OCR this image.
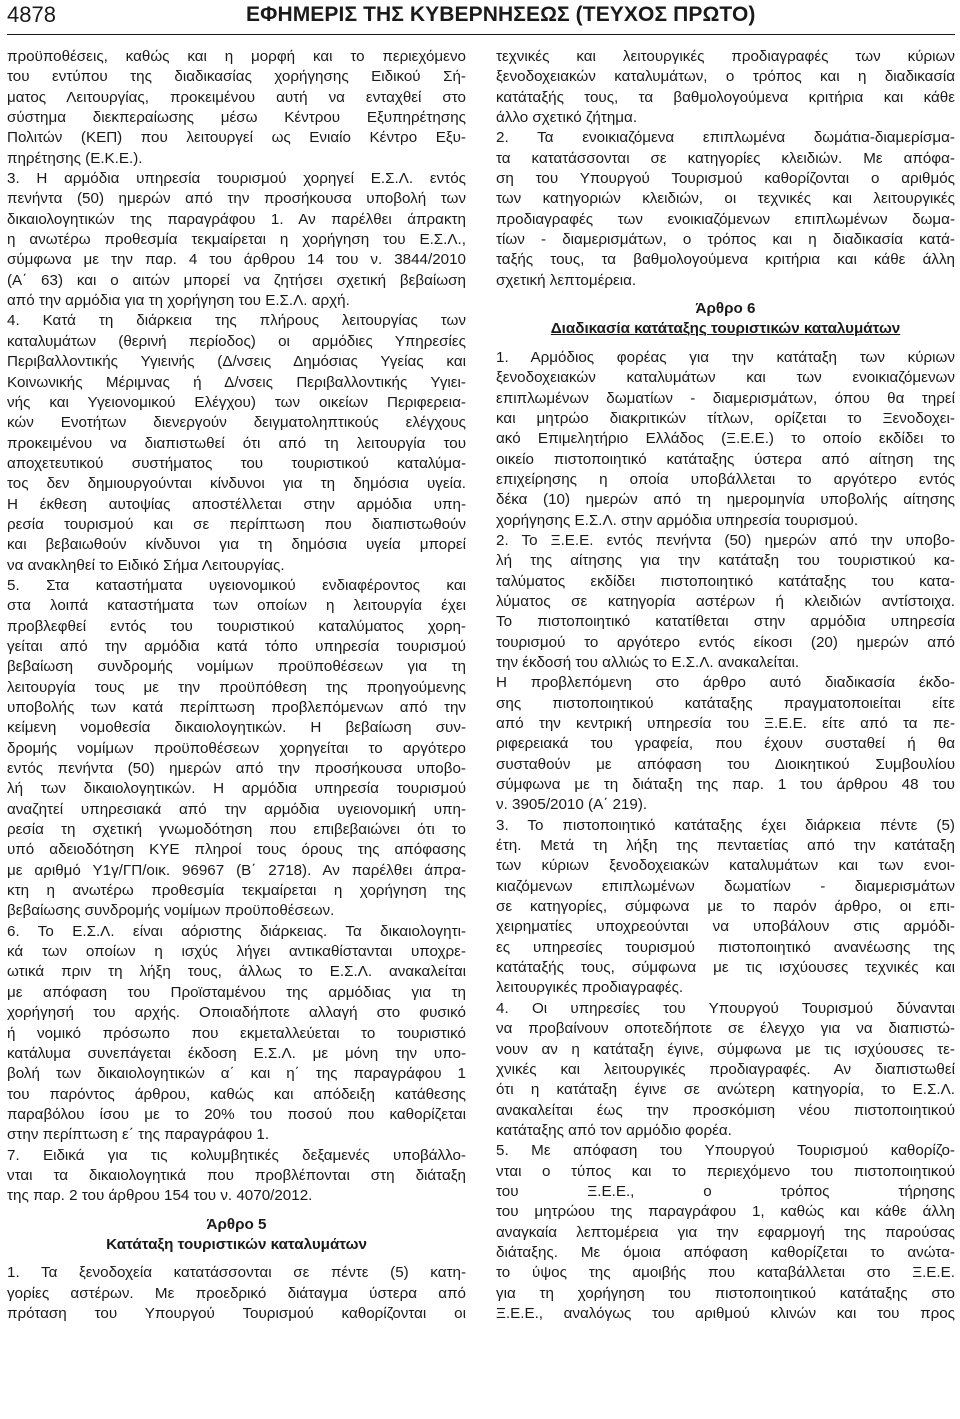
4878	ΕΦΗΜΕΡΙΣ ΤΗΣ ΚΥΒΕΡΝΗΣΕΩΣ (ΤΕΥΧΟΣ ΠΡΩΤΟ)
προϋποθέσεις, καθώς και η μορφή και το περιεχόμενο
του εντύπου της διαδικασίας χορήγησης Ειδικού Σή-
ματος Λειτουργίας, προκειμένου αυτή να ενταχθεί στο
σύστημα διεκπεραίωσης μέσω Κέντρου Εξυπηρέτησης
Πολιτών (ΚΕΠ) που λειτουργεί ως Ενιαίο Κέντρο Εξυ-
πηρέτησης (Ε.Κ.Ε.).
3. Η αρμόδια υπηρεσία τουρισμού χορηγεί Ε.Σ.Λ. εντός
πενήντα (50) ημερών από την προσήκουσα υποβολή των
δικαιολογητικών της παραγράφου 1. Αν παρέλθει άπρακτη
η ανωτέρω προθεσμία τεκμαίρεται η χορήγηση του Ε.Σ.Λ.,
σύμφωνα με την παρ. 4 του άρθρου 14 του ν. 3844/2010
(Α΄ 63) και ο αιτών μπορεί να ζητήσει σχετική βεβαίωση
από την αρμόδια για τη χορήγηση του Ε.Σ.Λ. αρχή.
4. Κατά τη διάρκεια της πλήρους λειτουργίας των
καταλυμάτων (θερινή περίοδος) οι αρμόδιες Υπηρεσίες
Περιβαλλοντικής Υγιεινής (Δ/νσεις Δημόσιας Υγείας και
Κοινωνικής Μέριμνας ή Δ/νσεις Περιβαλλοντικής Υγιει-
νής και Υγειονομικού Ελέγχου) των οικείων Περιφερεια-
κών Ενοτήτων διενεργούν δειγματοληπτικούς ελέγχους
προκειμένου να διαπιστωθεί ότι από τη λειτουργία του
αποχετευτικού συστήματος του τουριστικού καταλύμα-
τος δεν δημιουργούνται κίνδυνοι για τη δημόσια υγεία.
Η έκθεση αυτοψίας αποστέλλεται στην αρμόδια υπη-
ρεσία τουρισμού και σε περίπτωση που διαπιστωθούν
και βεβαιωθούν κίνδυνοι για τη δημόσια υγεία μπορεί
να ανακληθεί το Ειδικό Σήμα Λειτουργίας.
5. Στα καταστήματα υγειονομικού ενδιαφέροντος και
στα λοιπά καταστήματα των οποίων η λειτουργία έχει
προβλεφθεί εντός του τουριστικού καταλύματος χορη-
γείται από την αρμόδια κατά τόπο υπηρεσία τουρισμού
βεβαίωση συνδρομής νομίμων προϋποθέσεων για τη
λειτουργία τους με την προϋπόθεση της προηγούμενης
υποβολής των κατά περίπτωση προβλεπόμενων από την
κείμενη νομοθεσία δικαιολογητικών. Η βεβαίωση συν-
δρομής νομίμων προϋποθέσεων χορηγείται το αργότερο
εντός πενήντα (50) ημερών από την προσήκουσα υποβο-
λή των δικαιολογητικών. Η αρμόδια υπηρεσία τουρισμού
αναζητεί υπηρεσιακά από την αρμόδια υγειονομική υπη-
ρεσία τη σχετική γνωμοδότηση που επιβεβαιώνει ότι το
υπό αδειοδότηση ΚΥΕ πληροί τους όρους της απόφασης
με αριθμό Υ1γ/ΓΠ/οικ. 96967 (Β΄ 2718). Αν παρέλθει άπρα-
κτη η ανωτέρω προθεσμία τεκμαίρεται η χορήγηση της
βεβαίωσης συνδρομής νομίμων προϋποθέσεων.
6. Το Ε.Σ.Λ. είναι αόριστης διάρκειας. Τα δικαιολογητι-
κά των οποίων η ισχύς λήγει αντικαθίστανται υποχρε-
ωτικά πριν τη λήξη τους, άλλως το Ε.Σ.Λ. ανακαλείται
με απόφαση του Προϊσταμένου της αρμόδιας για τη
χορήγησή του αρχής. Οποιαδήποτε αλλαγή στο φυσικό
ή νομικό πρόσωπο που εκμεταλλεύεται το τουριστικό
κατάλυμα συνεπάγεται έκδοση Ε.Σ.Λ. με μόνη την υπο-
βολή των δικαιολογητικών α΄ και η΄ της παραγράφου 1
του παρόντος άρθρου, καθώς και απόδειξη κατάθεσης
παραβόλου ίσου με το 20% του ποσού που καθορίζεται
στην περίπτωση ε΄ της παραγράφου 1.
7. Ειδικά για τις κολυμβητικές δεξαμενές υποβάλλο-
νται τα δικαιολογητικά που προβλέπονται στη διάταξη
της παρ. 2 του άρθρου 154 του ν. 4070/2012.
Άρθρο 5
Κατάταξη τουριστικών καταλυμάτων
1. Τα ξενοδοχεία κατατάσσονται σε πέντε (5) κατη-
γορίες αστέρων. Με προεδρικό διάταγμα ύστερα από
πρόταση του Υπουργού Τουρισμού καθορίζονται οι
τεχνικές και λειτουργικές προδιαγραφές των κύριων
ξενοδοχειακών καταλυμάτων, ο τρόπος και η διαδικασία
κατάταξής τους, τα βαθμολογούμενα κριτήρια και κάθε
άλλο σχετικό ζήτημα.
2. Τα ενοικιαζόμενα επιπλωμένα δωμάτια-διαμερίσμα-
τα κατατάσσονται σε κατηγορίες κλειδιών. Με απόφα-
ση του Υπουργού Τουρισμού καθορίζονται ο αριθμός
των κατηγοριών κλειδιών, οι τεχνικές και λειτουργικές
προδιαγραφές των ενοικιαζόμενων επιπλωμένων δωμα-
τίων - διαμερισμάτων, ο τρόπος και η διαδικασία κατά-
ταξής τους, τα βαθμολογούμενα κριτήρια και κάθε άλλη
σχετική λεπτομέρεια.
Άρθρο 6
Διαδικασία κατάταξης τουριστικών καταλυμάτων
1. Αρμόδιος φορέας για την κατάταξη των κύριων
ξενοδοχειακών καταλυμάτων και των ενοικιαζόμενων
επιπλωμένων δωματίων - διαμερισμάτων, όπου θα τηρεί
και μητρώο διακριτικών τίτλων, ορίζεται το Ξενοδοχει-
ακό Επιμελητήριο Ελλάδος (Ξ.Ε.Ε.) το οποίο εκδίδει το
οικείο πιστοποιητικό κατάταξης ύστερα από αίτηση της
επιχείρησης η οποία υποβάλλεται το αργότερο εντός
δέκα (10) ημερών από τη ημερομηνία υποβολής αίτησης
χορήγησης Ε.Σ.Λ. στην αρμόδια υπηρεσία τουρισμού.
2. Το Ξ.Ε.Ε. εντός πενήντα (50) ημερών από την υποβο-
λή της αίτησης για την κατάταξη του τουριστικού κα-
ταλύματος εκδίδει πιστοποιητικό κατάταξης του κατα-
λύματος σε κατηγορία αστέρων ή κλειδιών αντίστοιχα.
Το πιστοποιητικό κατατίθεται στην αρμόδια υπηρεσία
τουρισμού το αργότερο εντός είκοσι (20) ημερών από
την έκδοσή του αλλιώς το Ε.Σ.Λ. ανακαλείται.
Η προβλεπόμενη στο άρθρο αυτό διαδικασία έκδο-
σης πιστοποιητικού κατάταξης πραγματοποιείται είτε
από την κεντρική υπηρεσία του Ξ.Ε.Ε. είτε από τα πε-
ριφερειακά του γραφεία, που έχουν συσταθεί ή θα
συσταθούν με απόφαση του Διοικητικού Συμβουλίου
σύμφωνα με τη διάταξη της παρ. 1 του άρθρου 48 του
ν. 3905/2010 (Α΄ 219).
3. Το πιστοποιητικό κατάταξης έχει διάρκεια πέντε (5)
έτη. Μετά τη λήξη της πενταετίας από την κατάταξη
των κύριων ξενοδοχειακών καταλυμάτων και των ενοι-
κιαζόμενων επιπλωμένων δωματίων - διαμερισμάτων
σε κατηγορίες, σύμφωνα με το παρόν άρθρο, οι επι-
χειρηματίες υποχρεούνται να υποβάλουν στις αρμόδι-
ες υπηρεσίες τουρισμού πιστοποιητικό ανανέωσης της
κατάταξής τους, σύμφωνα με τις ισχύουσες τεχνικές και
λειτουργικές προδιαγραφές.
4. Οι υπηρεσίες του Υπουργού Τουρισμού δύνανται
να προβαίνουν οποτεδήποτε σε έλεγχο για να διαπιστώ-
νουν αν η κατάταξη έγινε, σύμφωνα με τις ισχύουσες τε-
χνικές και λειτουργικές προδιαγραφές. Αν διαπιστωθεί
ότι η κατάταξη έγινε σε ανώτερη κατηγορία, το Ε.Σ.Λ.
ανακαλείται έως την προσκόμιση νέου πιστοποιητικού
κατάταξης από τον αρμόδιο φορέα.
5. Με απόφαση του Υπουργού Τουρισμού καθορίζο-
νται ο τύπος και το περιεχόμενο του πιστοποιητικού
του Ξ.Ε.Ε., ο τρόπος τήρησης
του μητρώου της παραγράφου 1, καθώς και κάθε άλλη
αναγκαία λεπτομέρεια για την εφαρμογή της παρούσας
διάταξης. Με όμοια απόφαση καθορίζεται το ανώτα-
το ύψος της αμοιβής που καταβάλλεται στο Ξ.Ε.Ε.
για τη χορήγηση του πιστοποιητικού κατάταξης στο
Ξ.Ε.Ε., αναλόγως του αριθμού κλινών και του προς
